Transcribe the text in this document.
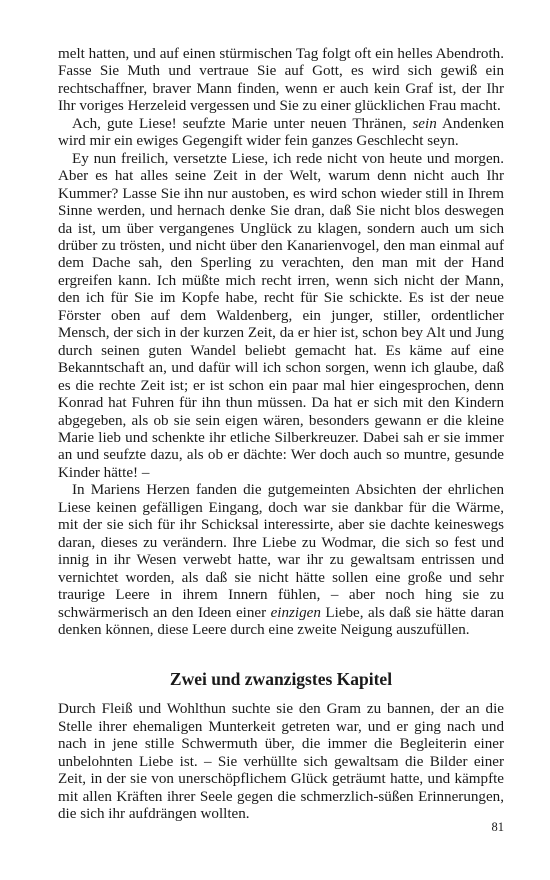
melt hatten, und auf einen stürmischen Tag folgt oft ein helles Abendroth. Fasse Sie Muth und vertraue Sie auf Gott, es wird sich gewiß ein rechtschaffner, braver Mann finden, wenn er auch kein Graf ist, der Ihr Ihr voriges Herzeleid vergessen und Sie zu einer glücklichen Frau macht.

Ach, gute Liese! seufzte Marie unter neuen Thränen, sein Andenken wird mir ein ewiges Gegengift wider fein ganzes Geschlecht seyn.

Ey nun freilich, versetzte Liese, ich rede nicht von heute und morgen. Aber es hat alles seine Zeit in der Welt, warum denn nicht auch Ihr Kummer? Lasse Sie ihn nur austoben, es wird schon wieder still in Ihrem Sinne werden, und hernach denke Sie dran, daß Sie nicht blos deswegen da ist, um über vergangenes Unglück zu klagen, sondern auch um sich drüber zu trösten, und nicht über den Kanarienvogel, den man einmal auf dem Dache sah, den Sperling zu verachten, den man mit der Hand ergreifen kann. Ich müßte mich recht irren, wenn sich nicht der Mann, den ich für Sie im Kopfe habe, recht für Sie schickte. Es ist der neue Förster oben auf dem Waldenberg, ein junger, stiller, ordentlicher Mensch, der sich in der kurzen Zeit, da er hier ist, schon bey Alt und Jung durch seinen guten Wandel beliebt gemacht hat. Es käme auf eine Bekanntschaft an, und dafür will ich schon sorgen, wenn ich glaube, daß es die rechte Zeit ist; er ist schon ein paar mal hier eingesprochen, denn Konrad hat Fuhren für ihn thun müssen. Da hat er sich mit den Kindern abgegeben, als ob sie sein eigen wären, besonders gewann er die kleine Marie lieb und schenkte ihr etliche Silberkreuzer. Dabei sah er sie immer an und seufzte dazu, als ob er dächte: Wer doch auch so muntre, gesunde Kinder hätte! –

In Mariens Herzen fanden die gutgemeinten Absichten der ehrlichen Liese keinen gefälligen Eingang, doch war sie dankbar für die Wärme, mit der sie sich für ihr Schicksal interessirte, aber sie dachte keineswegs daran, dieses zu verändern. Ihre Liebe zu Wodmar, die sich so fest und innig in ihr Wesen verwebt hatte, war ihr zu gewaltsam entrissen und vernichtet worden, als daß sie nicht hätte sollen eine große und sehr traurige Leere in ihrem Innern fühlen, – aber noch hing sie zu schwärmerisch an den Ideen einer einzigen Liebe, als daß sie hätte daran denken können, diese Leere durch eine zweite Neigung auszufüllen.

Zwei und zwanzigstes Kapitel

Durch Fleiß und Wohlthun suchte sie den Gram zu bannen, der an die Stelle ihrer ehemaligen Munterkeit getreten war, und er ging nach und nach in jene stille Schwermuth über, die immer die Begleiterin einer unbelohnten Liebe ist. – Sie verhüllte sich gewaltsam die Bilder einer Zeit, in der sie von unerschöpflichem Glück geträumt hatte, und kämpfte mit allen Kräften ihrer Seele gegen die schmerzlich-süßen Erinnerungen, die sich ihr aufdrängen wollten.

81
